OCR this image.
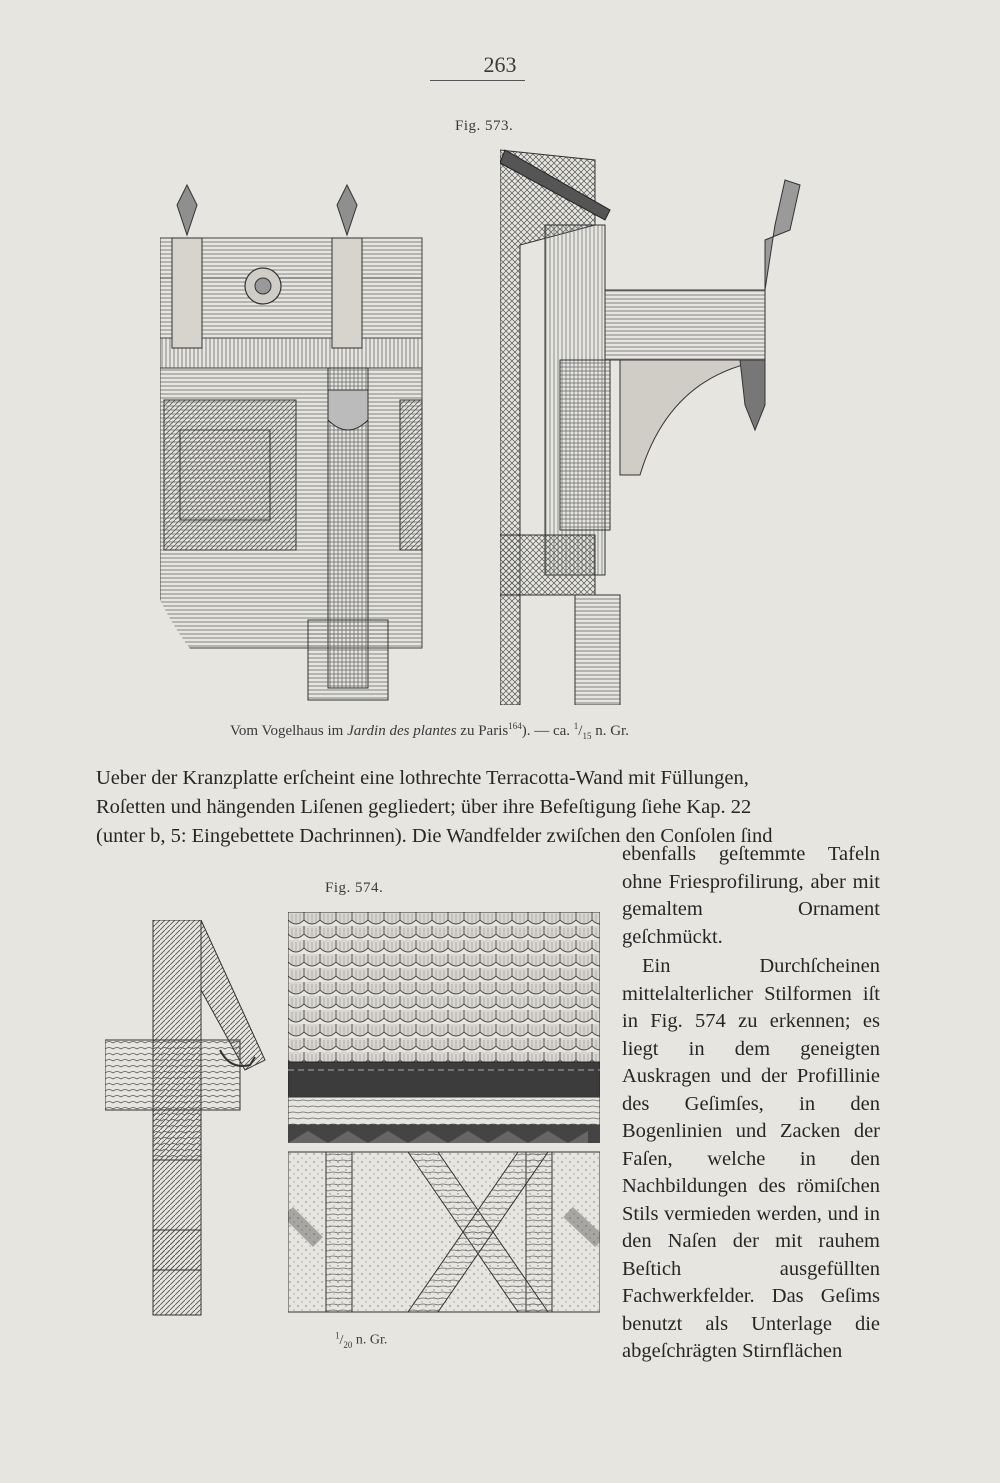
263
Fig. 573.
Vom Vogelhaus im Jardin des plantes zu Paris$^{164}$). — ca. $^1/_{15}$ n. Gr.
Ueber der Kranzplatte erſcheint eine lothrechte Terracotta-Wand mit Füllungen,
Roſetten und hängenden Liſenen gegliedert; über ihre Befeſtigung ſiehe Kap. 22
(unter b, 5: Eingebettete Dachrinnen). Die Wandfelder zwiſchen den Conſolen ſind

ebenfalls geſtemmte Tafeln ohne Friesprofilirung, aber mit gemaltem Ornament geſchmückt.

Ein Durchſcheinen mittelalterlicher Stilformen iſt in Fig. 574 zu erkennen; es liegt in dem geneigten Auskragen und der Profillinie des Geſimſes, in den Bogenlinien und Zacken der Faſen, welche in den Nachbildungen des römiſchen Stils vermieden werden, und in den Naſen der mit rauhem Beſtich ausgefüllten Fachwerkfelder. Das Geſims benutzt als Unterlage die abgeſchrägten Stirnflächen

Fig. 574.
$^1/_{20}$ n. Gr.
